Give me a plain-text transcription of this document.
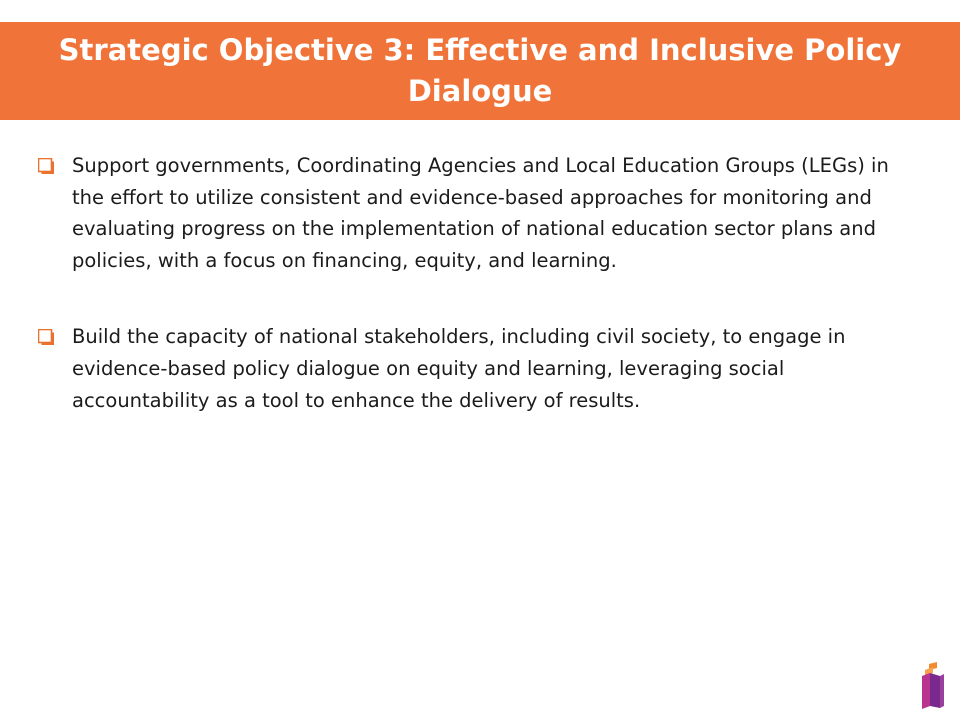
Strategic Objective 3: Effective and Inclusive Policy Dialogue
Support governments, Coordinating Agencies and Local Education Groups (LEGs) in the effort to utilize consistent and evidence-based approaches for monitoring and evaluating progress on the implementation of national education sector plans and policies, with a focus on financing, equity, and learning.
Build the capacity of national stakeholders, including civil society, to engage in evidence-based policy dialogue on equity and learning, leveraging social accountability as a tool to enhance the delivery of results.
